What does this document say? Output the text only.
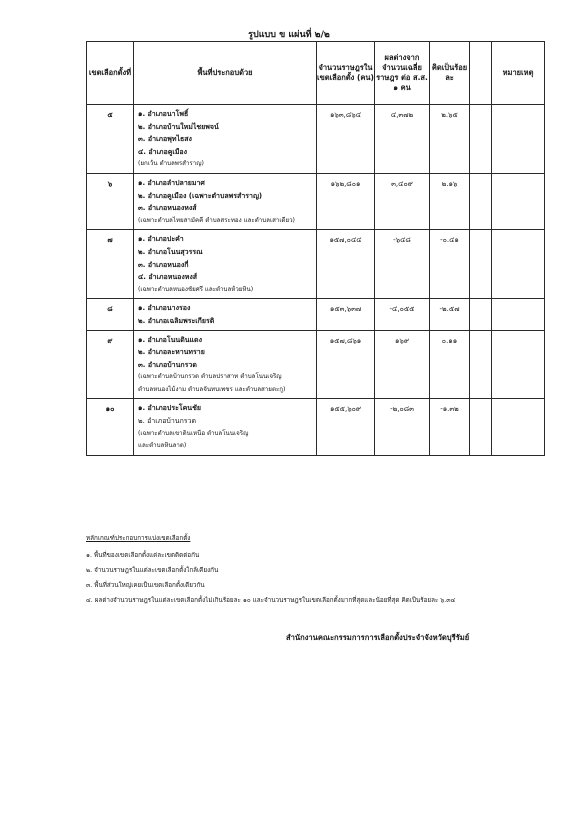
รูปแบบ ข แผ่นที่ ๒/๒
เขตเลือกตั้งที่	พื้นที่ประกอบด้วย	จำนวนราษฎรในเขตเลือกตั้ง (คน)	ผลต่างจากจำนวนเฉลี่ยราษฎร ต่อ ส.ส. ๑ คน	คิดเป็นร้อยละ		หมายเหตุ
๕	๑. อำเภอนาโพธิ์
๒. อำเภอบ้านใหม่ไชยพจน์
๓. อำเภอพุทไธสง
๔. อำเภอคูเมือง
(ยกเว้น ตำบลพรสำราญ)	๑๖๓,๘๖๔	๔,๓๗๒	๒.๖๕		
๖	๑. อำเภอลำปลายมาศ
๒. อำเภอคูเมือง (เฉพาะตำบลพรสำราญ)
๓. อำเภอหนองหงส์
(เฉพาะตำบลไทยสามัคคี ตำบลสระทอง และตำบลเสาเดียว)	๑๖๒,๘๐๑	๓,๔๐๙	๒.๑๖		
๗	๑. อำเภอปะคำ
๒. อำเภอโนนสุวรรณ
๓. อำเภอหนองกี่
๔. อำเภอหนองหงส์
(เฉพาะตำบลหนองชัยศรี และตำบลห้วยหิน)	๑๕๗,๐๔๔	-๖๔๘	-๐.๔๑		
๘	๑. อำเภอนางรอง
๒. อำเภอเฉลิมพระเกียรติ	๑๕๓,๖๓๗	-๔,๐๕๕	-๒.๕๗		
๙	๑. อำเภอโนนดินแดง
๒. อำเภอละหานทราย
๓. อำเภอบ้านกรวด
(เฉพาะตำบลบ้านกรวด ตำบลปราสาท ตำบลโนนเจริญ
ตำบลหนองไม้งาม ตำบลจันทบเพชร และตำบลสายตะกู)	๑๕๗,๘๖๑	๑๖๙	๐.๑๑		
๑๐	๑. อำเภอประโคนชัย
๒. อำเภอบ้านกรวด
(เฉพาะตำบลเขาดินเหนือ ตำบลโนนเจริญ
และตำบลหินลาด)	๑๕๕,๖๐๙	-๒,๐๘๓	-๑.๓๒		
หลักเกณฑ์ประกอบการแบ่งเขตเลือกตั้ง
๑. พื้นที่ของเขตเลือกตั้งแต่ละเขตติดต่อกัน
๒. จำนวนราษฎรในแต่ละเขตเลือกตั้งใกล้เคียงกัน
๓. พื้นที่ส่วนใหญ่เคยเป็นเขตเลือกตั้งเดียวกัน
๔. ผลต่างจำนวนราษฎรในแต่ละเขตเลือกตั้งไม่เกินร้อยละ ๑๐ และจำนวนราษฎรในเขตเลือกตั้งมากที่สุดและน้อยที่สุด คิดเป็นร้อยละ ๖.๓๔
สำนักงานคณะกรรมการการเลือกตั้งประจำจังหวัดบุรีรัมย์
